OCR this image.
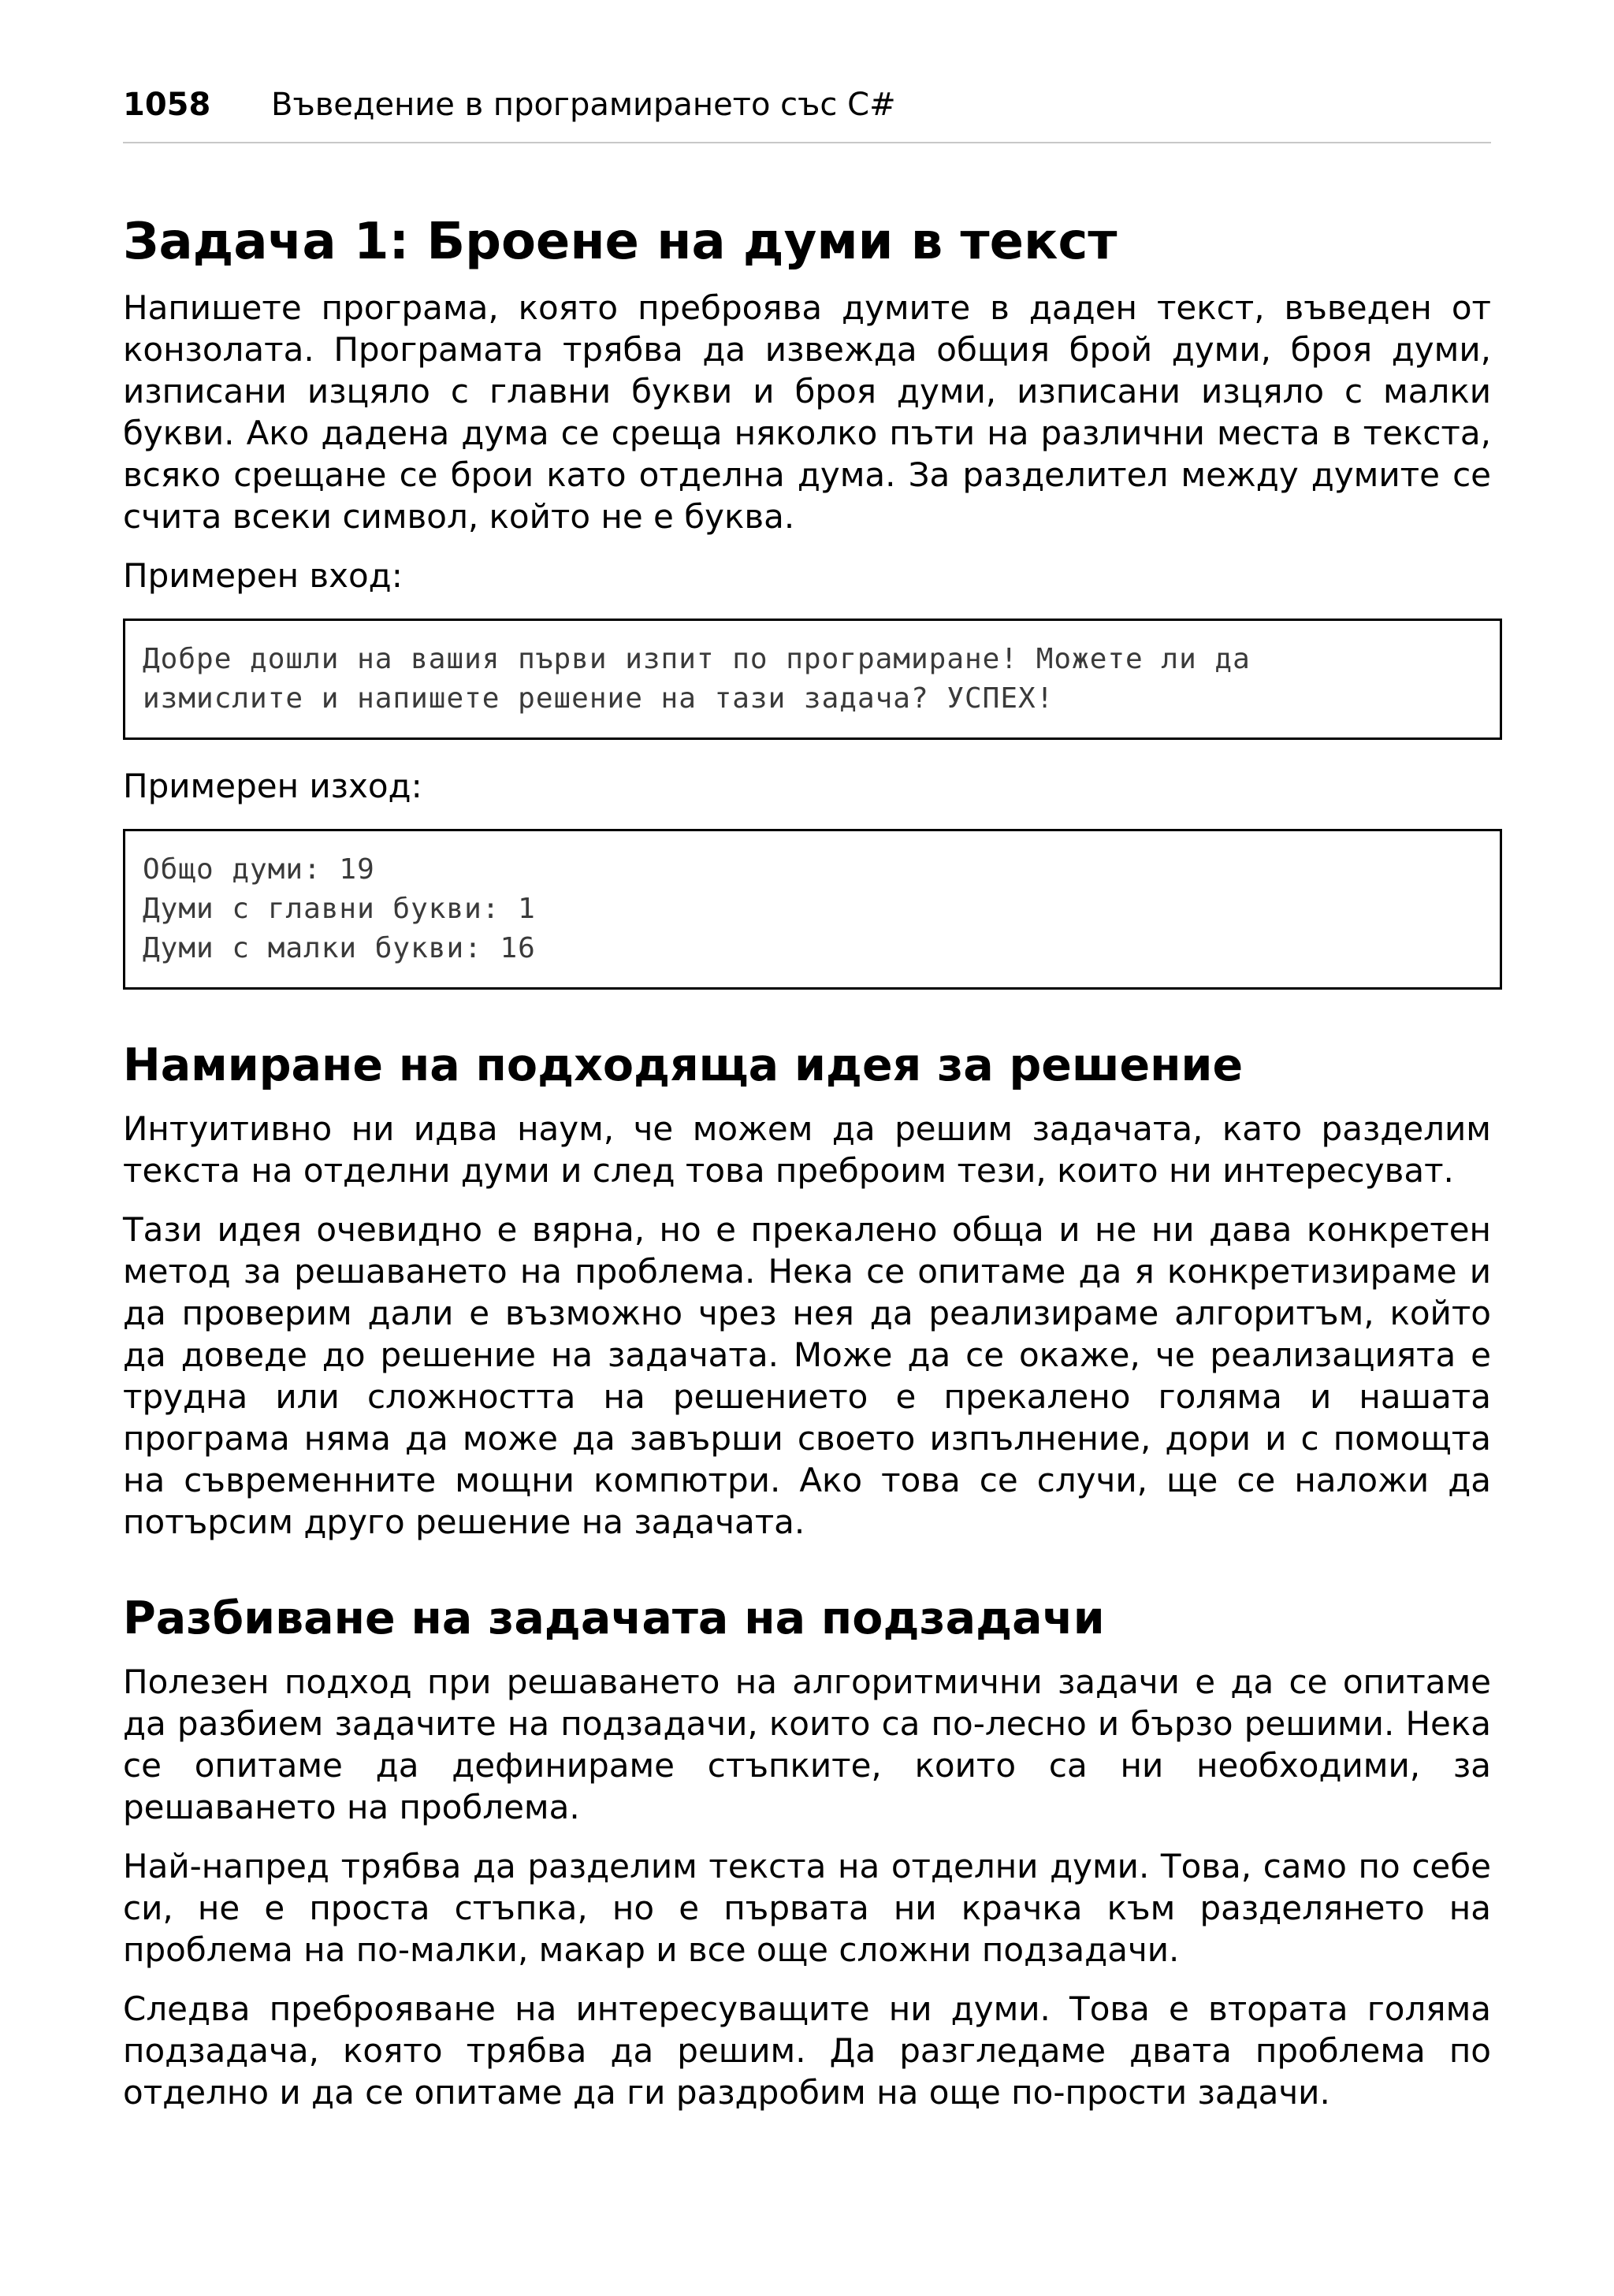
1058 Въведение в програмирането със C#
Задача 1: Броене на думи в текст

Напишете програма, която преброява думите в даден текст, въведен от конзолата. Програмата трябва да извежда общия брой думи, броя думи, изписани изцяло с главни букви и броя думи, изписани изцяло с малки букви. Ако дадена дума се среща няколко пъти на различни места в текста, всяко срещане се брои като отделна дума. За разделител между думите се счита всеки символ, който не е буква.

Примерен вход:

Добре дошли на вашия първи изпит по програмиране! Можете ли да
измислите и напишете решение на тази задача? УСПЕХ!

Примерен изход:

Общо думи: 19
Думи с главни букви: 1
Думи с малки букви: 16
Намиране на подходяща идея за решение

Интуитивно ни идва наум, че можем да решим задачата, като разделим текста на отделни думи и след това преброим тези, които ни интересуват.

Тази идея очевидно е вярна, но е прекалено обща и не ни дава конкретен метод за решаването на проблема. Нека се опитаме да я конкретизираме и да проверим дали е възможно чрез нея да реализираме алгоритъм, който да доведе до решение на задачата. Може да се окаже, че реализацията е трудна или сложността на решението е прекалено голяма и нашата програма няма да може да завърши своето изпълнение, дори и с помощта на съвременните мощни компютри. Ако това се случи, ще се наложи да потърсим друго решение на задачата.

Разбиване на задачата на подзадачи

Полезен подход при решаването на алгоритмични задачи е да се опитаме да разбием задачите на подзадачи, които са по-лесно и бързо решими. Нека се опитаме да дефинираме стъпките, които са ни необходими, за решаването на проблема.

Най-напред трябва да разделим текста на отделни думи. Това, само по себе си, не е проста стъпка, но е първата ни крачка към разделянето на проблема на по-малки, макар и все още сложни подзадачи.

Следва преброяване на интересуващите ни думи. Това е втората голяма подзадача, която трябва да решим. Да разгледаме двата проблема по отделно и да се опитаме да ги раздробим на още по-прости задачи.
